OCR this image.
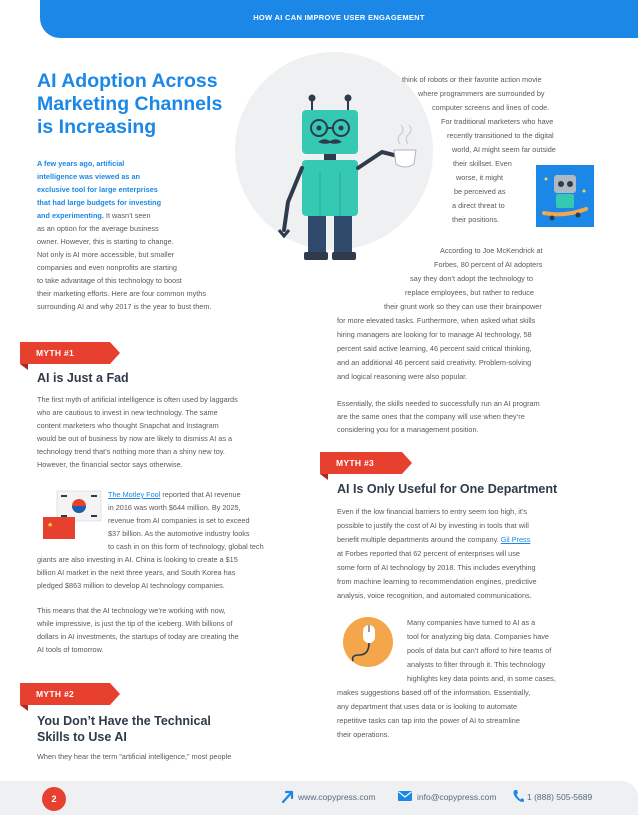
HOW AI CAN IMPROVE USER ENGAGEMENT
AI Adoption Across
Marketing Channels
is Increasing
A few years ago, artificial
intelligence was viewed as an
exclusive tool for large enterprises
that had large budgets for investing
and experimenting. It wasn’t seen
as an option for the average business
owner. However, this is starting to change.
Not only is AI more accessible, but smaller
companies and even nonprofits are starting
to take advantage of this technology to boost
their marketing efforts. Here are four common myths
surrounding AI and why 2017 is the year to bust them.
MYTH #1
AI is Just a Fad
The first myth of artificial intelligence is often used by laggards
who are cautious to invest in new technology. The same
content marketers who thought Snapchat and Instagram
would be out of business by now are likely to dismiss AI as a
technology trend that’s nothing more than a shiny new toy.
However, the financial sector says otherwise.
★
The Motley Fool reported that AI revenue
in 2016 was worth $644 million. By 2025,
revenue from AI companies is set to exceed
$37 billion. As the automotive industry looks
to cash in on this form of technology, global tech
giants are also investing in AI. China is looking to create a $15
billion AI market in the next three years, and South Korea has
pledged $863 million to develop AI technology companies.
This means that the AI technology we’re working with now,
while impressive, is just the tip of the iceberg. With billions of
dollars in AI investments, the startups of today are creating the
AI tools of tomorrow.
MYTH #2
You Don’t Have the Technical
Skills to Use AI
When they hear the term “artificial intelligence,” most people
think of robots or their favorite action movie
where programmers are surrounded by
computer screens and lines of code.
For traditional marketers who have
recently transitioned to the digital
world, AI might seem far outside
their skillset. Even
worse, it might
be perceived as
a direct threat to
their positions.
According to Joe McKendrick at
Forbes, 80 percent of AI adopters
say they don’t adopt the technology to
replace employees, but rather to reduce
their grunt work so they can use their brainpower
for more elevated tasks. Furthermore, when asked what skills
hiring managers are looking for to manage AI technology, 58
percent said active learning, 46 percent said critical thinking,
and an additional 46 percent said creativity. Problem-solving
and logical reasoning were also popular.
Essentially, the skills needed to successfully run an AI program
are the same ones that the company will use when they’re
considering you for a management position.
MYTH #3
AI Is Only Useful for One Department
Even if the low financial barriers to entry seem too high, it’s
possible to justify the cost of AI by investing in tools that will
benefit multiple departments around the company. Gil Press
at Forbes reported that 62 percent of enterprises will use
some form of AI technology by 2018. This includes everything
from machine learning to recommendation engines, predictive
analysis, voice recognition, and automated communications.
Many companies have turned to AI as a
tool for analyzing big data. Companies have
pools of data but can’t afford to hire teams of
analysts to filter through it. This technology
highlights key data points and, in some cases,
makes suggestions based off of the information. Essentially,
any department that uses data or is looking to automate
repetitive tasks can tap into the power of AI to streamline
their operations.
2	www.copypress.com	info@copypress.com	1 (888) 505-5689
